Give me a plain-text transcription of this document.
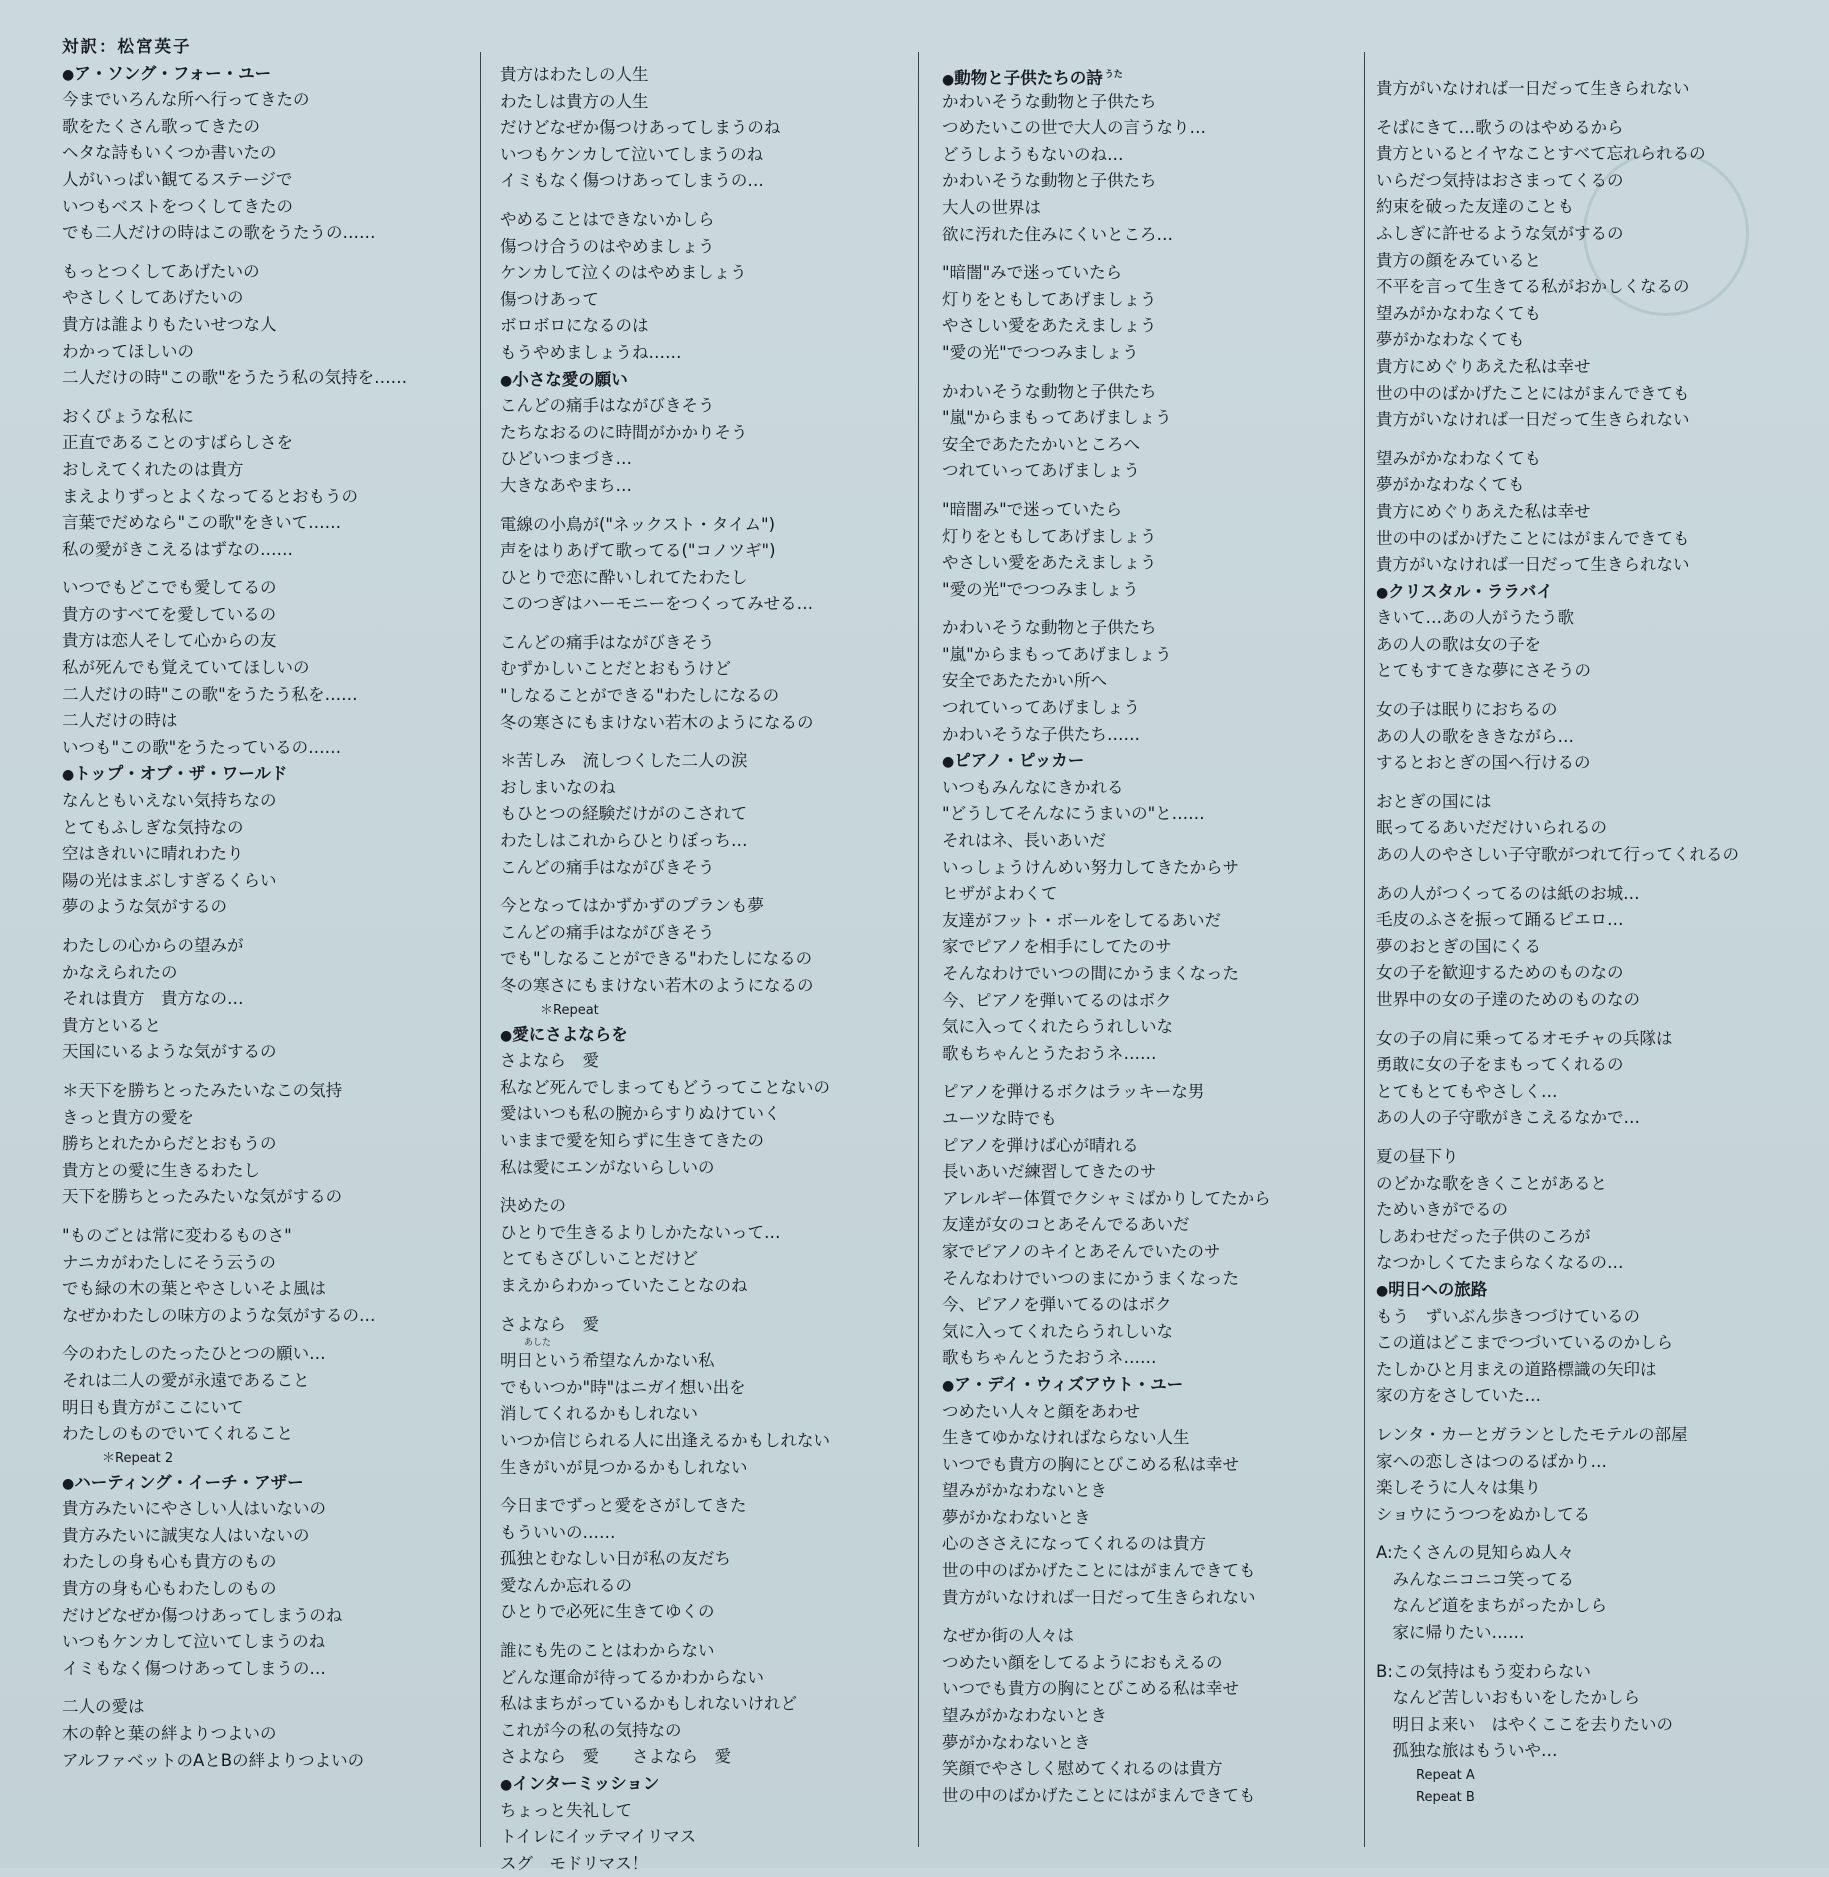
対訳：松宮英子
● ア・ソング・フォー・ユー
今までいろんな所へ行ってきたの
歌をたくさん歌ってきたの
ヘタな詩もいくつか書いたの
人がいっぱい観てるステージで
いつもベストをつくしてきたの
でも二人だけの時はこの歌をうたうの……
もっとつくしてあげたいの
やさしくしてあげたいの
貴方は誰よりもたいせつな人
わかってほしいの
二人だけの時"この歌"をうたう私の気持を……
おくびょうな私に
正直であることのすばらしさを
おしえてくれたのは貴方
まえよりずっとよくなってるとおもうの
言葉でだめなら"この歌"をきいて……
私の愛がきこえるはずなの……
いつでもどこでも愛してるの
貴方のすべてを愛しているの
貴方は恋人そして心からの友
私が死んでも覚えていてほしいの
二人だけの時"この歌"をうたう私を……
二人だけの時は
いつも"この歌"をうたっているの……
● トップ・オブ・ザ・ワールド
なんともいえない気持ちなの
とてもふしぎな気持なの
空はきれいに晴れわたり
陽の光はまぶしすぎるくらい
夢のような気がするの
わたしの心からの望みが
かなえられたの
それは貴方　貴方なの…
貴方といると
天国にいるような気がするの
＊天下を勝ちとったみたいなこの気持
きっと貴方の愛を
勝ちとれたからだとおもうの
貴方との愛に生きるわたし
天下を勝ちとったみたいな気がするの
"ものごとは常に変わるものさ"
ナニカがわたしにそう云うの
でも緑の木の葉とやさしいそよ風は
なぜかわたしの味方のような気がするの…
今のわたしのたったひとつの願い…
それは二人の愛が永遠であること
明日も貴方がここにいて
わたしのものでいてくれること
＊Repeat 2
● ハーティング・イーチ・アザー
貴方みたいにやさしい人はいないの
貴方みたいに誠実な人はいないの
わたしの身も心も貴方のもの
貴方の身も心もわたしのもの
だけどなぜか傷つけあってしまうのね
いつもケンカして泣いてしまうのね
イミもなく傷つけあってしまうの…
二人の愛は
木の幹と葉の絆よりつよいの
アルファベットのAとBの絆よりつよいの
貴方はわたしの人生
わたしは貴方の人生
だけどなぜか傷つけあってしまうのね
いつもケンカして泣いてしまうのね
イミもなく傷つけあってしまうの…
やめることはできないかしら
傷つけ合うのはやめましょう
ケンカして泣くのはやめましょう
傷つけあって
ボロボロになるのは
もうやめましょうね……
● 小さな愛の願い
こんどの痛手はながびきそう
たちなおるのに時間がかかりそう
ひどいつまづき…
大きなあやまち…
電線の小鳥が("ネックスト・タイム")
声をはりあげて歌ってる("コノツギ")
ひとりで恋に酔いしれてたわたし
このつぎはハーモニーをつくってみせる…
こんどの痛手はながびきそう
むずかしいことだとおもうけど
"しなることができる"わたしになるの
冬の寒さにもまけない若木のようになるの
＊苦しみ　流しつくした二人の涙
おしまいなのね
もひとつの経験だけがのこされて
わたしはこれからひとりぼっち…
こんどの痛手はながびきそう
今となってはかずかずのプランも夢
こんどの痛手はながびきそう
でも"しなることができる"わたしになるの
冬の寒さにもまけない若木のようになるの
＊Repeat
● 愛にさよならを
さよなら　愛
私など死んでしまってもどうってことないの
愛はいつも私の腕からすりぬけていく
いままで愛を知らずに生きてきたの
私は愛にエンがないらしいの
決めたの
ひとりで生きるよりしかたないって…
とてもさびしいことだけど
まえからわかっていたことなのね
さよなら　愛
あした
明日という希望なんかない私
でもいつか"時"はニガイ想い出を
消してくれるかもしれない
いつか信じられる人に出逢えるかもしれない
生きがいが見つかるかもしれない
今日までずっと愛をさがしてきた
もういいの……
孤独とむなしい日が私の友だち
愛なんか忘れるの
ひとりで必死に生きてゆくの
誰にも先のことはわからない
どんな運命が待ってるかわからない
私はまちがっているかもしれないけれど
これが今の私の気持なの
さよなら　愛　　さよなら　愛
● インターミッション
ちょっと失礼して
トイレにイッテマイリマス
スグ　モドリマス！
● 動物と子供たちの詩 $^{うた}$
かわいそうな動物と子供たち
つめたいこの世で大人の言うなり…
どうしようもないのね…
かわいそうな動物と子供たち
大人の世界は
欲に汚れた住みにくいところ…
"暗闇"みで迷っていたら
灯りをともしてあげましょう
やさしい愛をあたえましょう
"愛の光"でつつみましょう
かわいそうな動物と子供たち
"嵐"からまもってあげましょう
安全であたたかいところへ
つれていってあげましょう
"暗闇み"で迷っていたら
灯りをともしてあげましょう
やさしい愛をあたえましょう
"愛の光"でつつみましょう
かわいそうな動物と子供たち
"嵐"からまもってあげましょう
安全であたたかい所へ
つれていってあげましょう
かわいそうな子供たち……
● ピアノ・ピッカー
いつもみんなにきかれる
"どうしてそんなにうまいの"と……
それはネ、長いあいだ
いっしょうけんめい努力してきたからサ
ヒザがよわくて
友達がフット・ボールをしてるあいだ
家でピアノを相手にしてたのサ
そんなわけでいつの間にかうまくなった
今、ピアノを弾いてるのはボク
気に入ってくれたらうれしいな
歌もちゃんとうたおうネ……
ピアノを弾けるボクはラッキーな男
ユーツな時でも
ピアノを弾けば心が晴れる
長いあいだ練習してきたのサ
アレルギー体質でクシャミばかりしてたから
友達が女のコとあそんでるあいだ
家でピアノのキイとあそんでいたのサ
そんなわけでいつのまにかうまくなった
今、ピアノを弾いてるのはボク
気に入ってくれたらうれしいな
歌もちゃんとうたおうネ……
● ア・デイ・ウィズアウト・ユー
つめたい人々と顔をあわせ
生きてゆかなければならない人生
いつでも貴方の胸にとびこめる私は幸せ
望みがかなわないとき
夢がかなわないとき
心のささえになってくれるのは貴方
世の中のばかげたことにはがまんできても
貴方がいなければ一日だって生きられない
なぜか街の人々は
つめたい顔をしてるようにおもえるの
いつでも貴方の胸にとびこめる私は幸せ
望みがかなわないとき
夢がかなわないとき
笑顔でやさしく慰めてくれるのは貴方
世の中のばかげたことにはがまんできても
貴方がいなければ一日だって生きられない
そばにきて…歌うのはやめるから
貴方といるとイヤなことすべて忘れられるの
いらだつ気持はおさまってくるの
約束を破った友達のことも
ふしぎに許せるような気がするの
貴方の顔をみていると
不平を言って生きてる私がおかしくなるの
望みがかなわなくても
夢がかなわなくても
貴方にめぐりあえた私は幸せ
世の中のばかげたことにはがまんできても
貴方がいなければ一日だって生きられない
望みがかなわなくても
夢がかなわなくても
貴方にめぐりあえた私は幸せ
世の中のばかげたことにはがまんできても
貴方がいなければ一日だって生きられない
● クリスタル・ララバイ
きいて…あの人がうたう歌
あの人の歌は女の子を
とてもすてきな夢にさそうの
女の子は眠りにおちるの
あの人の歌をききながら…
するとおとぎの国へ行けるの
おとぎの国には
眠ってるあいだだけいられるの
あの人のやさしい子守歌がつれて行ってくれるの
あの人がつくってるのは紙のお城…
毛皮のふさを振って踊るピエロ…
夢のおとぎの国にくる
女の子を歓迎するためのものなの
世界中の女の子達のためのものなの
女の子の肩に乗ってるオモチャの兵隊は
勇敢に女の子をまもってくれるの
とてもとてもやさしく…
あの人の子守歌がきこえるなかで…
夏の昼下り
のどかな歌をきくことがあると
ためいきがでるの
しあわせだった子供のころが
なつかしくてたまらなくなるの…
● 明日への旅路
もう　ずいぶん歩きつづけているの
この道はどこまでつづいているのかしら
たしかひと月まえの道路標識の矢印は
家の方をさしていた…
レンタ・カーとガランとしたモテルの部屋
家への恋しさはつのるばかり…
楽しそうに人々は集り
ショウにうつつをぬかしてる
A:たくさんの見知らぬ人々
　みんなニコニコ笑ってる
　なんど道をまちがったかしら
　家に帰りたい……
B:この気持はもう変わらない
　なんど苦しいおもいをしたかしら
　明日よ来い　はやくここを去りたいの
　孤独な旅はもういや…
Repeat A
Repeat B
